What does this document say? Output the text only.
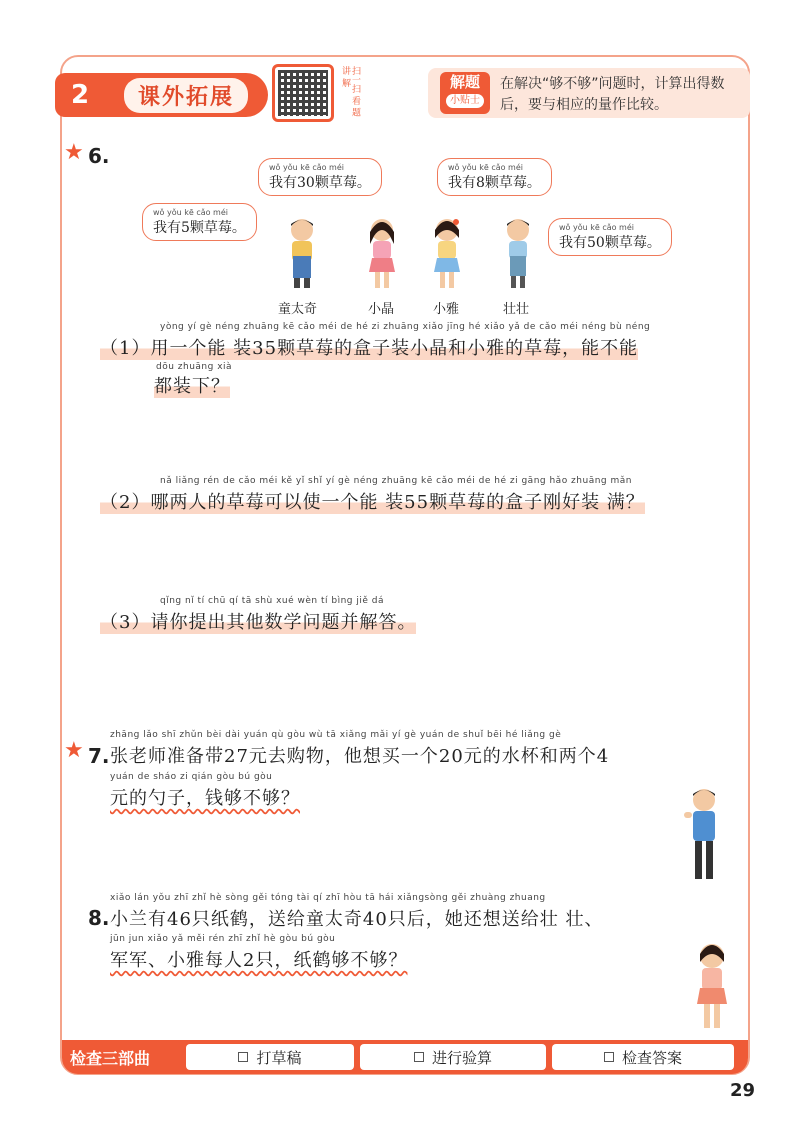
2	课外拓展	扫一扫 看 题 讲 解	解题
小贴士
在解决“够不够”问题时，计算出得数后，要与相应的量作比较。
★ 6.	wǒ yǒu kē cǎo méi
我有30颗草莓。
wǒ yǒu kē cǎo méi
我有8颗草莓。
wǒ yǒu kē cǎo méi
我有5颗草莓。	wǒ yǒu kē cǎo méi
我有50颗草莓。
童太奇	小晶	小雅	壮壮
yòng yí gè néng zhuāng kē cǎo méi de hé zi zhuāng xiǎo jīng hé xiǎo yǎ de cǎo méi néng bù néng
（1）用一个能 装35颗草莓的盒子装小晶和小雅的草莓，能不能
dōu zhuāng xià
都装下？
nǎ liǎng rén de cǎo méi kě yǐ shǐ yí gè néng zhuāng kē cǎo méi de hé zi gāng hǎo zhuāng mǎn
（2）哪两人的草莓可以使一个能 装55颗草莓的盒子刚好装 满？
qǐng nǐ tí chū qí tā shù xué wèn tí bìng jiě dá
（3）请你提出其他数学问题并解答。
★ 7.
zhāng lǎo shī zhǔn bèi dài yuán qù gòu wù tā xiǎng mǎi yí gè yuán de shuǐ bēi hé liǎng gè
张老师准备带27元去购物，他想买一个20元的水杯和两个4
yuán de sháo zi qián gòu bú gòu
元的勺子，钱够不够？
8.
xiǎo lán yǒu zhī zhǐ hè sòng gěi tóng tài qí zhī hòu tā hái xiǎngsòng gěi zhuàng zhuang
小兰有46只纸鹤，送给童太奇40只后，她还想送给壮 壮、
jūn jun xiǎo yǎ měi rén zhī zhǐ hè gòu bú gòu
军军、小雅每人2只，纸鹤够不够？
检查三部曲	打草稿	进行验算	检查答案
29
